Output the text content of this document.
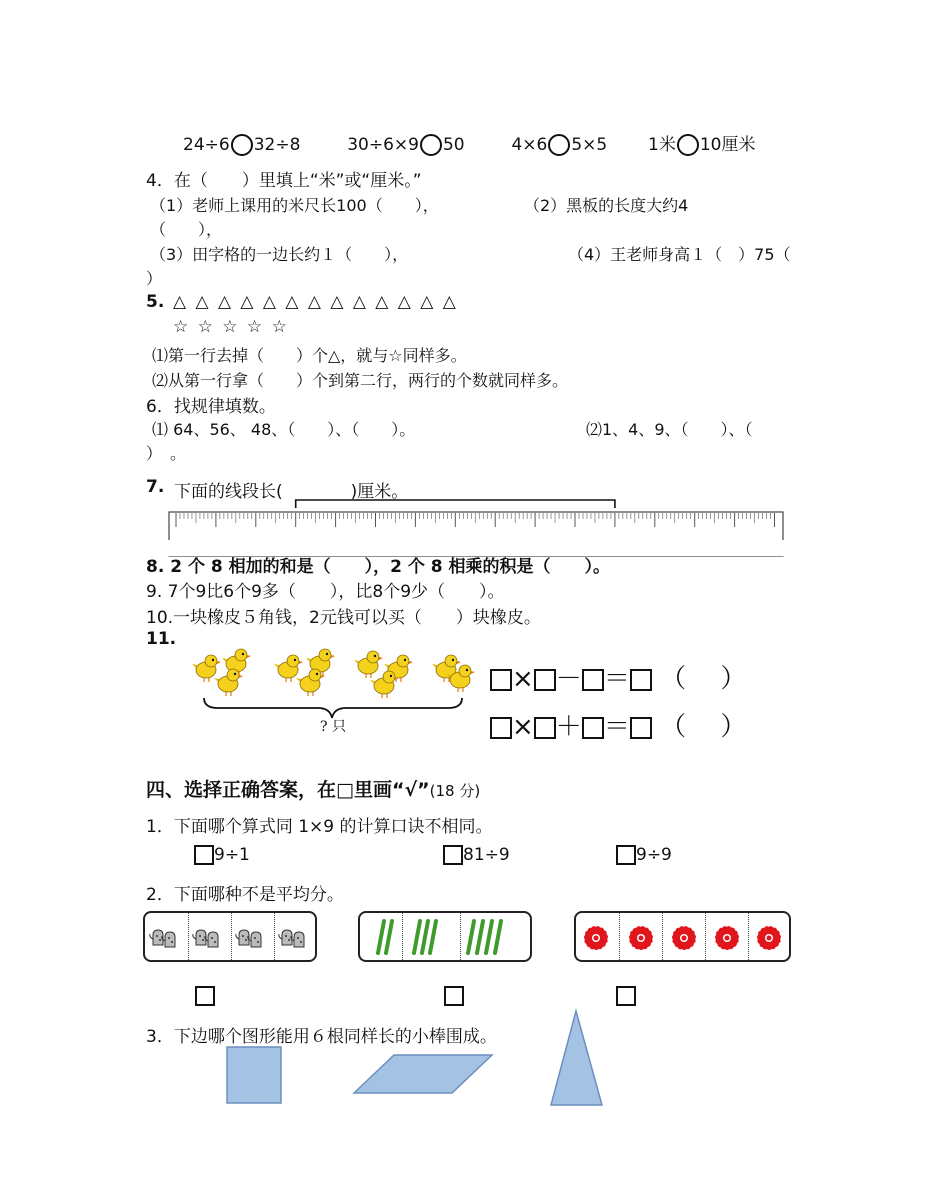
24÷6 32÷8	30÷6×9 50	4×6 5×5 1米 10厘米
4．在（　　）里填上“米”或“厘米。”
（1）老师上课用的米尺长100（　　），	（2）黑板的长度大约4
（　　），
（3）田字格的一边长约１（　　），	（4）王老师身高１（　）75（
）
5. △ △ △ △ △ △ △ △ △ △ △ △ △
☆ ☆ ☆ ☆ ☆
⑴第一行去掉（　　）个△，就与☆同样多。
⑵从第一行拿（　　）个到第二行，两行的个数就同样多。
6．找规律填数。
⑴ 64、56、 48、（　　）、（　　）。	⑵1、4、9、（　　）、（
）　。
7. 下面的线段长(　　　　)厘米。
8. 2 个 8 相加的和是（　　），2 个 8 相乘的积是（　　）。
9. 7个9比6个9多（　　），比8个9少（　　）。
10.一块橡皮５角钱，2元钱可以买（　　）块橡皮。
11.
? 只
× － ＝ （　 ）
× ＋ ＝ （　 ）
四、选择正确答案，在□里画“√”(18 分)
1．下面哪个算式同 1×9 的计算口诀不相同。
9÷1	81÷9	9÷9
2．下面哪种不是平均分。
3．下边哪个图形能用６根同样长的小棒围成。
